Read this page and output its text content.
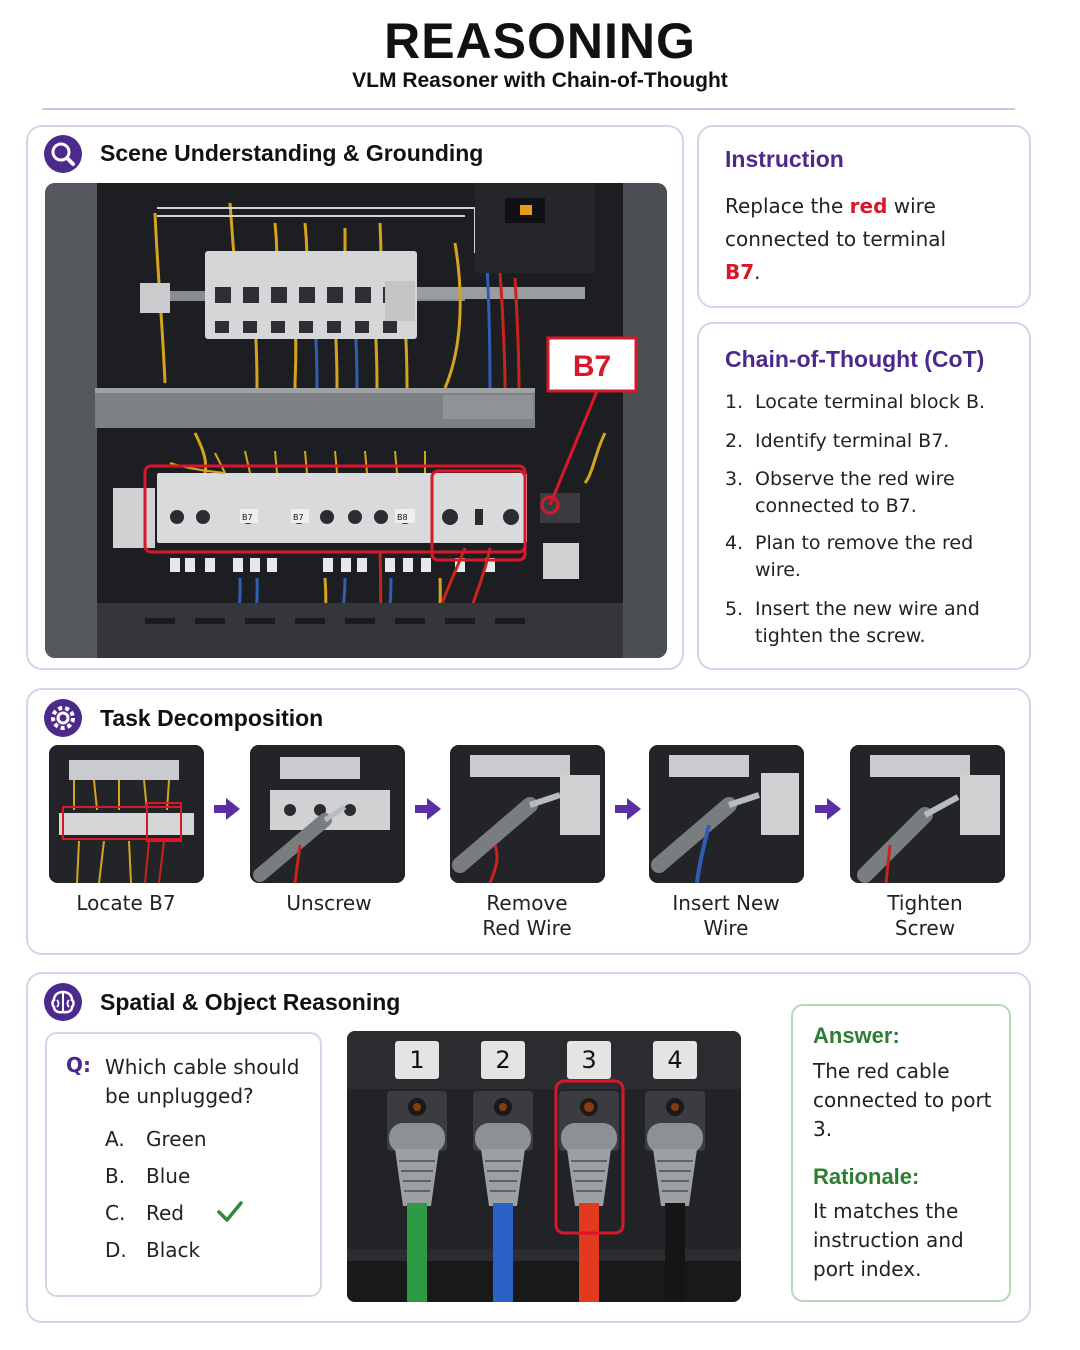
REASONING
VLM Reasoner with Chain-of-Thought
Scene Understanding & Grounding
B7	B7	B8
B7
Instruction
Replace the red wire connected to terminal B7.
Chain-of-Thought (CoT)
1. Locate terminal block B.
2. Identify terminal B7.
3. Observe the red wire connected to B7.
4. Plan to remove the red wire.
5. Insert the new wire and tighten the screw.
Task Decomposition
Locate B7	Unscrew	Remove
Red Wire
Insert New
Wire
Tighten
Screw
Spatial & Object Reasoning
Q: Which cable should be unplugged?
A. Green
B. Blue
C. Red
D. Black
1	2	3	4
Answer:
The red cable connected to port 3.
Rationale:
It matches the instruction and port index.
